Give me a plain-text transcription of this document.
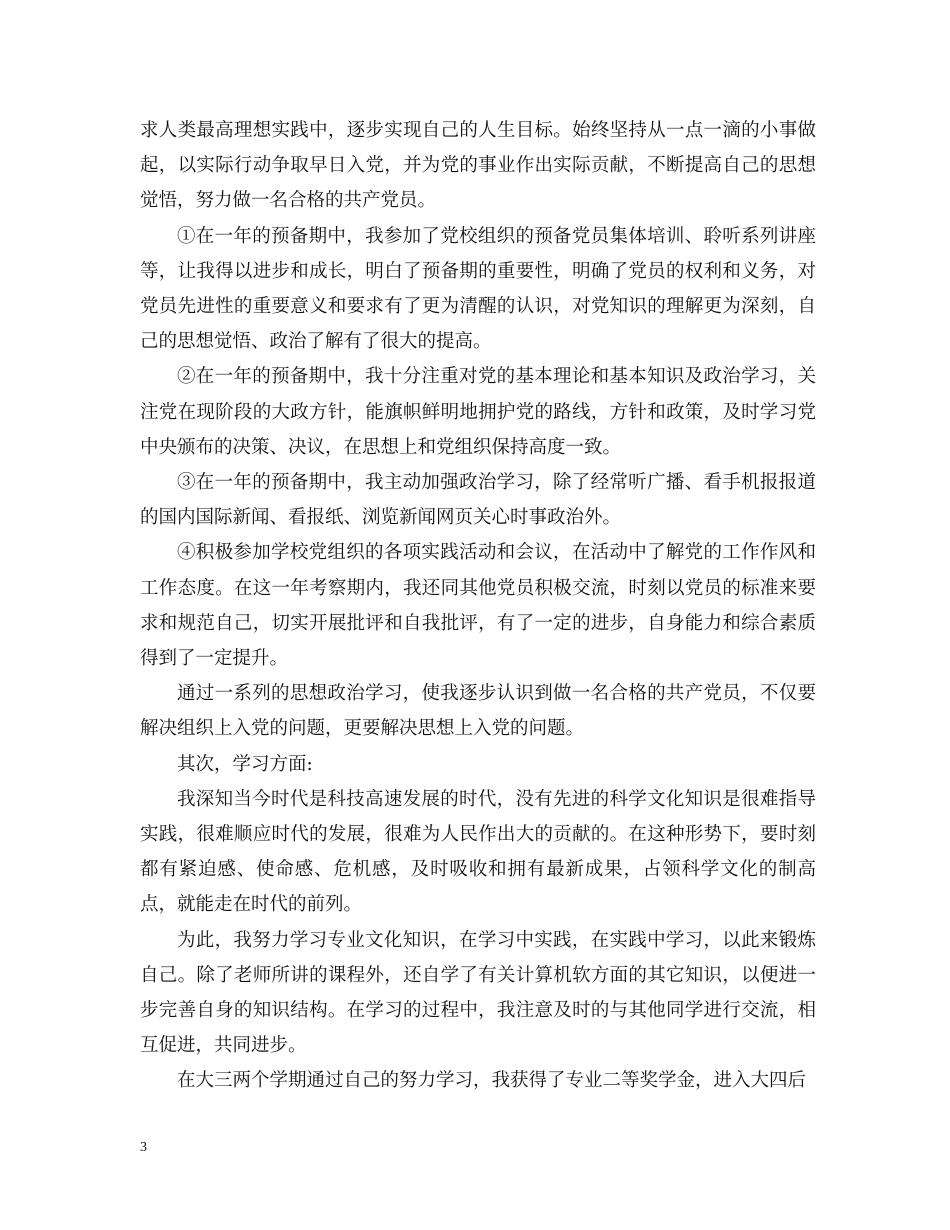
求人类最高理想实践中，逐步实现自己的人生目标。始终坚持从一点一滴的小事做起，以实际行动争取早日入党，并为党的事业作出实际贡献，不断提高自己的思想觉悟，努力做一名合格的共产党员。

①在一年的预备期中，我参加了党校组织的预备党员集体培训、聆听系列讲座等，让我得以进步和成长，明白了预备期的重要性，明确了党员的权利和义务，对党员先进性的重要意义和要求有了更为清醒的认识，对党知识的理解更为深刻，自己的思想觉悟、政治了解有了很大的提高。

②在一年的预备期中，我十分注重对党的基本理论和基本知识及政治学习，关注党在现阶段的大政方针，能旗帜鲜明地拥护党的路线，方针和政策，及时学习党中央颁布的决策、决议，在思想上和党组织保持高度一致。

③在一年的预备期中，我主动加强政治学习，除了经常听广播、看手机报报道的国内国际新闻、看报纸、浏览新闻网页关心时事政治外。

④积极参加学校党组织的各项实践活动和会议，在活动中了解党的工作作风和工作态度。在这一年考察期内，我还同其他党员积极交流，时刻以党员的标准来要求和规范自己，切实开展批评和自我批评，有了一定的进步，自身能力和综合素质得到了一定提升。

通过一系列的思想政治学习，使我逐步认识到做一名合格的共产党员，不仅要解决组织上入党的问题，更要解决思想上入党的问题。

其次，学习方面:

我深知当今时代是科技高速发展的时代，没有先进的科学文化知识是很难指导实践，很难顺应时代的发展，很难为人民作出大的贡献的。在这种形势下，要时刻都有紧迫感、使命感、危机感，及时吸收和拥有最新成果，占领科学文化的制高点，就能走在时代的前列。

为此，我努力学习专业文化知识，在学习中实践，在实践中学习，以此来锻炼自己。除了老师所讲的课程外，还自学了有关计算机软方面的其它知识，以便进一步完善自身的知识结构。在学习的过程中，我注意及时的与其他同学进行交流，相互促进，共同进步。

在大三两个学期通过自己的努力学习，我获得了专业二等奖学金，进入大四后

3
